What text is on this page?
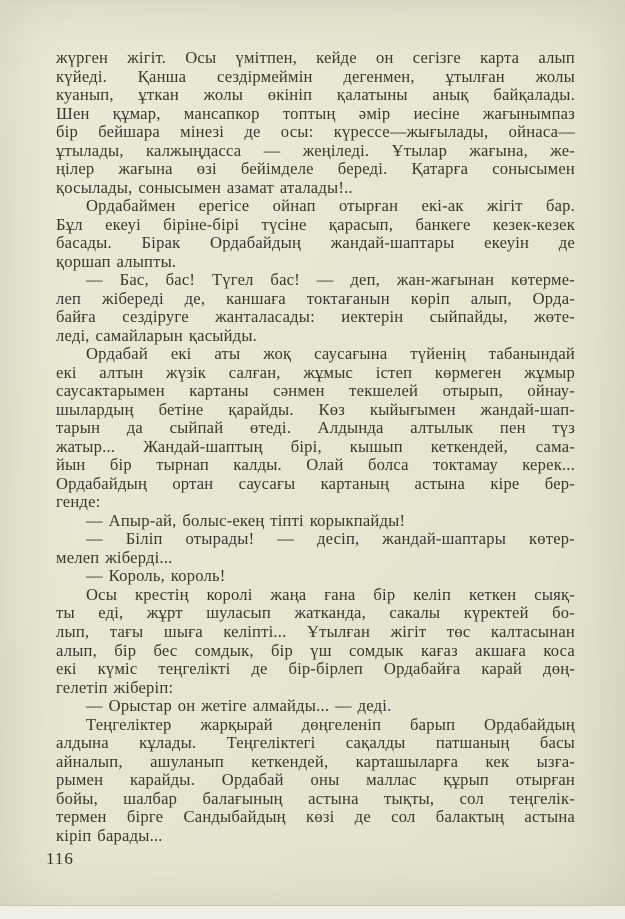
жүрген жігіт. Осы үмітпен, кейде он сегізге карта алып
күйеді. Қанша сездірмеймін дегенмен, ұтылған жолы
куанып, ұткан жолы өкініп қалатыны анық байқалады.
Шен құмар, мансапкор топтың әмір иесіне жағынымпаз
бір бейшара мінезі де осы: күрессе—жығылады, ойнаса—
ұтылады, калжыңдасса — жеңіледі. Ұтылар жағына, же-
ңілер жағына өзі бейімделе береді. Қатарға сонысымен
қосылады, сонысымен азамат аталады!..
Ордабаймен ерегісе ойнап отырған екі-ак жігіт бар.
Бұл екеуі біріне-бірі түсіне қарасып, банкеге кезек-кезек
басады. Бірак Ордабайдың жандай-шаптары екеуін де
қоршап алыпты.
— Бас, бас! Түгел бас! — деп, жан-жағынан көтерме-
леп жібереді де, каншаға токтағанын көріп алып, Орда-
байға сездіруге жанталасады: иектерін сыйпайды, жөте-
леді, самайларын қасыйды.
Ордабай екі аты жоқ саусағына түйенің табанындай
екі алтын жүзік салған, жұмыс істеп көрмеген жұмыр
саусактарымен картаны сәнмен текшелей отырып, ойнау-
шылардың бетіне қарайды. Көз кыйығымен жандай-шап-
тарын да сыйпай өтеді. Алдында алтылык пен түз
жатыр... Жандай-шаптың бірі, кышып кеткендей, сама-
йын бір тырнап калды. Олай болса токтамау керек...
Ордабайдың ортан саусағы картаның астына кіре бер-
генде:
— Апыр-ай, болыс-екең тіпті корыкпайды!
— Біліп отырады! — десіп, жандай-шаптары көтер-
мелеп жіберді...
— Король, король!
Осы крестің королі жаңа ғана бір келіп кеткен сыяқ-
ты еді, жұрт шуласып жатканда, сакалы күректей бо-
лып, тағы шыға келіпті... Ұтылған жігіт төс калтасынан
алып, бір бес сомдык, бір үш сомдык кағаз акшаға коса
екі күміс теңгелікті де бір-бірлеп Ордабайға карай дөң-
гелетіп жіберіп:
— Орыстар он жетіге алмайды... — деді.
Теңгеліктер жарқырай дөңгеленіп барып Ордабайдың
алдына кұлады. Теңгеліктегі сақалды патшаның басы
айналып, ашуланып кеткендей, карташыларға кек ызға-
рымен карайды. Ордабай оны маллас құрып отырған
бойы, шалбар балағының астына тықты, сол теңгелік-
термен бірге Сандыбайдың көзі де сол балактың астына
кіріп барады...
116
